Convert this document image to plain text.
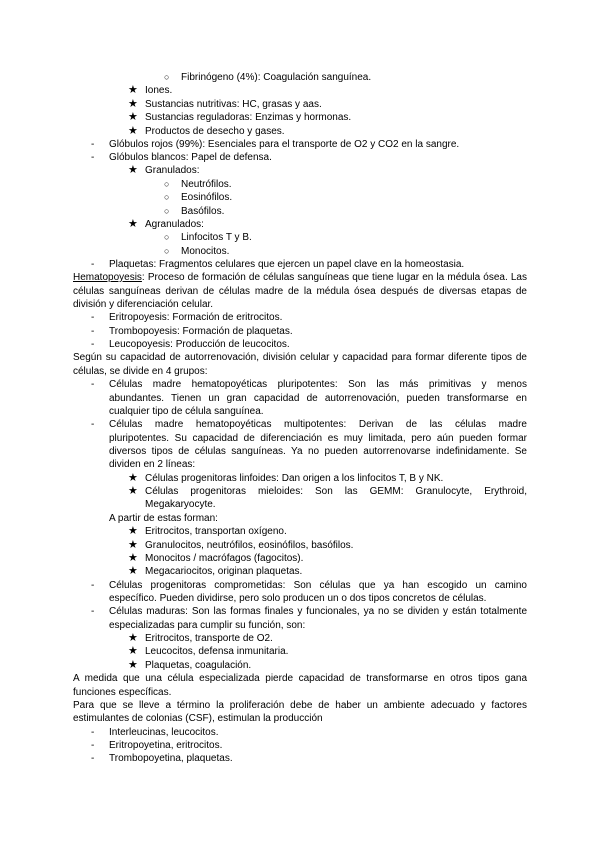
○ Fibrinógeno (4%): Coagulación sanguínea.
★ Iones.
★ Sustancias nutritivas: HC, grasas y aas.
★ Sustancias reguladoras: Enzimas y hormonas.
★ Productos de desecho y gases.
- Glóbulos rojos (99%): Esenciales para el transporte de O2 y CO2 en la sangre.
- Glóbulos blancos: Papel de defensa.
★ Granulados:
○ Neutrófilos.
○ Eosinófilos.
○ Basófilos.
★ Agranulados:
○ Linfocitos T y B.
○ Monocitos.
- Plaquetas: Fragmentos celulares que ejercen un papel clave en la homeostasia.
Hematopoyesis: Proceso de formación de células sanguíneas que tiene lugar en la médula ósea. Las
células sanguíneas derivan de células madre de la médula ósea después de diversas etapas de
división y diferenciación celular.
- Eritropoyesis: Formación de eritrocitos.
- Trombopoyesis: Formación de plaquetas.
- Leucopoyesis: Producción de leucocitos.
Según su capacidad de autorrenovación, división celular y capacidad para formar diferente tipos de
células, se divide en 4 grupos:
- Células madre hematopoyéticas pluripotentes: Son las más primitivas y menos
abundantes. Tienen un gran capacidad de autorrenovación, pueden transformarse en
cualquier tipo de célula sanguínea.
- Células madre hematopoyéticas multipotentes: Derivan de las células madre
pluripotentes. Su capacidad de diferenciación es muy limitada, pero aún pueden formar
diversos tipos de células sanguíneas. Ya no pueden autorrenovarse indefinidamente. Se
dividen en 2 líneas:
★ Células progenitoras linfoides: Dan origen a los linfocitos T, B y NK.
★ Células progenitoras mieloides: Son las GEMM: Granulocyte, Erythroid,
Megakaryocyte.
A partir de estas forman:
★ Eritrocitos, transportan oxígeno.
★ Granulocitos, neutrófilos, eosinófilos, basófilos.
★ Monocitos / macrófagos (fagocitos).
★ Megacariocitos, originan plaquetas.
- Células progenitoras comprometidas: Son células que ya han escogido un camino
específico. Pueden dividirse, pero solo producen un o dos tipos concretos de células.
- Células maduras: Son las formas finales y funcionales, ya no se dividen y están totalmente
especializadas para cumplir su función, son:
★ Eritrocitos, transporte de O2.
★ Leucocitos, defensa inmunitaria.
★ Plaquetas, coagulación.
A medida que una célula especializada pierde capacidad de transformarse en otros tipos gana
funciones específicas.
Para que se lleve a término la proliferación debe de haber un ambiente adecuado y factores
estimulantes de colonias (CSF), estimulan la producción
- Interleucinas, leucocitos.
- Eritropoyetina, eritrocitos.
- Trombopoyetina, plaquetas.
